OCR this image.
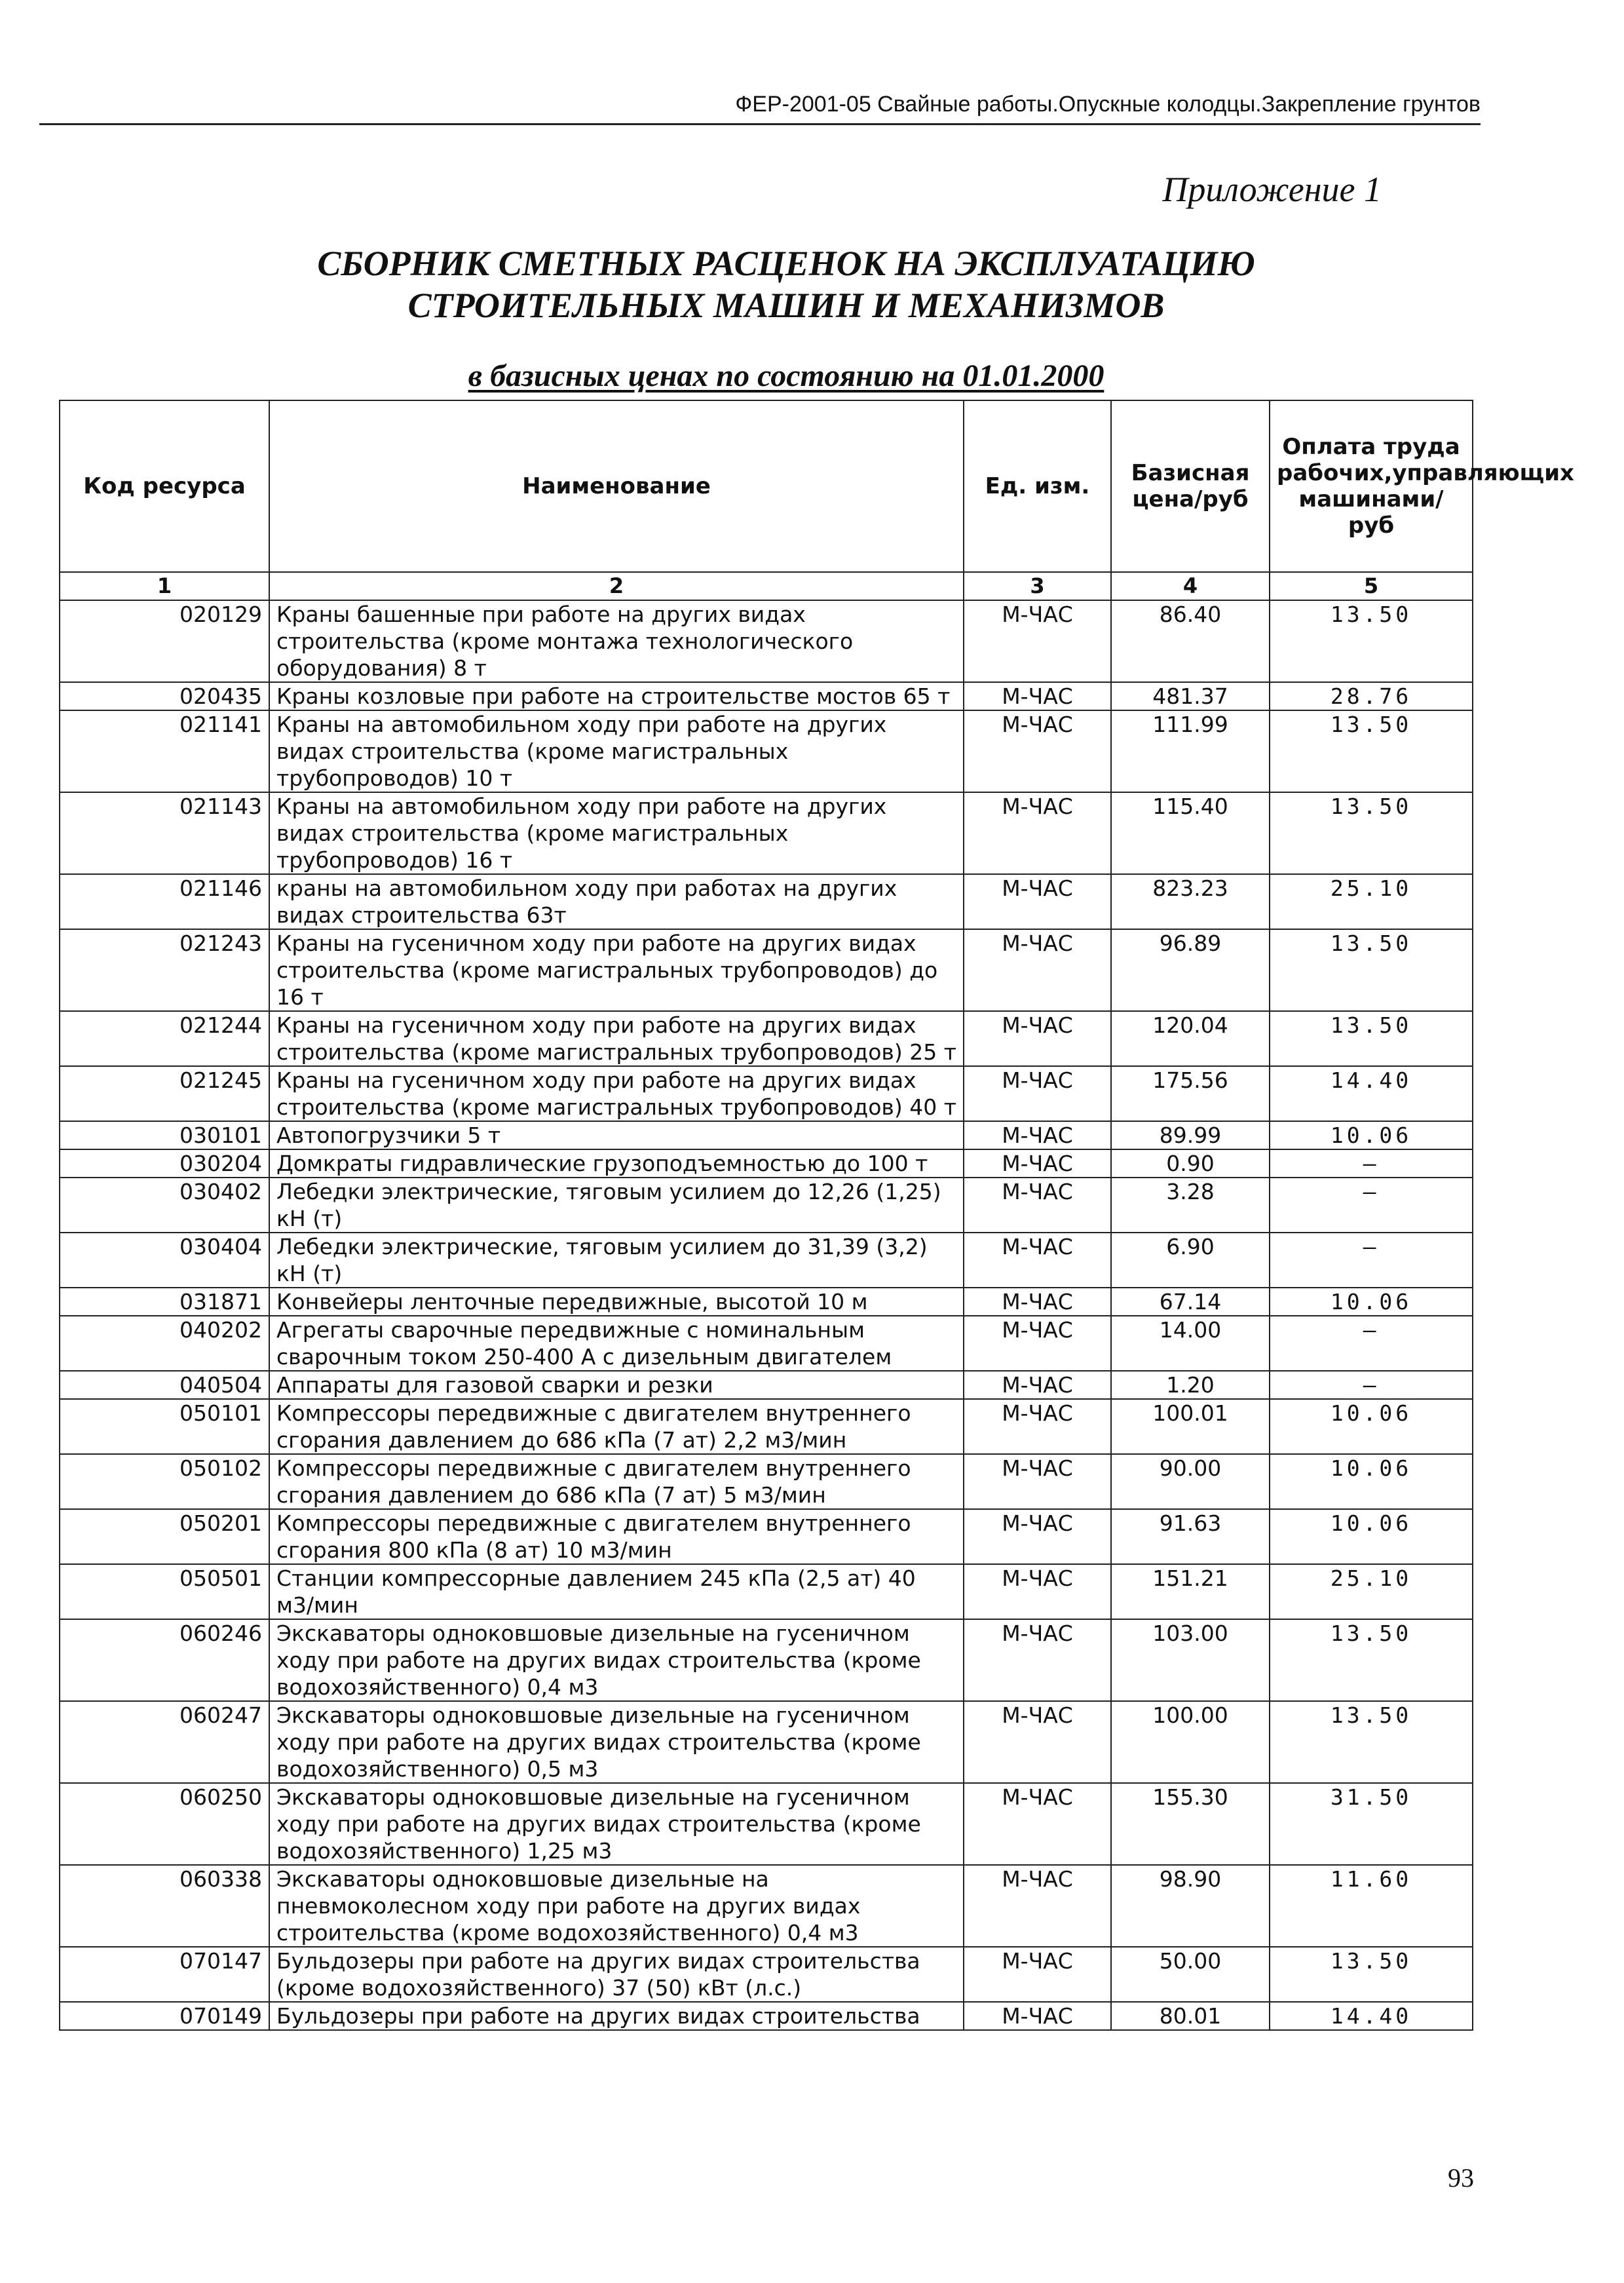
ФЕР-2001-05 Свайные работы.Опускные колодцы.Закрепление грунтов
Приложение 1
СБОРНИК СМЕТНЫХ РАСЦЕНОК НА ЭКСПЛУАТАЦИЮ
СТРОИТЕЛЬНЫХ МАШИН И МЕХАНИЗМОВ
в базисных ценах по состоянию на 01.01.2000
Код ресурса	Наименование	Ед. изм.	Базисная цена/руб	Оплата труда рабочих,управляющих машинами/руб
1	2	3	4	5
020129	Краны башенные при работе на других видах строительства (кроме монтажа технологического оборудования) 8 т	М-ЧАС	86.40	13.50
020435	Краны козловые при работе на строительстве мостов 65 т	М-ЧАС	481.37	28.76
021141	Краны на автомобильном ходу при работе на других видах строительства (кроме магистральных трубопроводов) 10 т	М-ЧАС	111.99	13.50
021143	Краны на автомобильном ходу при работе на других видах строительства (кроме магистральных трубопроводов) 16 т	М-ЧАС	115.40	13.50
021146	краны на автомобильном ходу при работах на других видах строительства 63т	М-ЧАС	823.23	25.10
021243	Краны на гусеничном ходу при работе на других видах строительства (кроме магистральных трубопроводов) до 16 т	М-ЧАС	96.89	13.50
021244	Краны на гусеничном ходу при работе на других видах строительства (кроме магистральных трубопроводов) 25 т	М-ЧАС	120.04	13.50
021245	Краны на гусеничном ходу при работе на других видах строительства (кроме магистральных трубопроводов) 40 т	М-ЧАС	175.56	14.40
030101	Автопогрузчики 5 т	М-ЧАС	89.99	10.06
030204	Домкраты гидравлические грузоподъемностью до 100 т	М-ЧАС	0.90	—
030402	Лебедки электрические, тяговым усилием до 12,26 (1,25) кН (т)	М-ЧАС	3.28	—
030404	Лебедки электрические, тяговым усилием до 31,39 (3,2) кН (т)	М-ЧАС	6.90	—
031871	Конвейеры ленточные передвижные, высотой 10 м	М-ЧАС	67.14	10.06
040202	Агрегаты сварочные передвижные с номинальным сварочным током 250-400 А с дизельным двигателем	М-ЧАС	14.00	—
040504	Аппараты для газовой сварки и резки	М-ЧАС	1.20	—
050101	Компрессоры передвижные с двигателем внутреннего сгорания давлением до 686 кПа (7 ат) 2,2 м3/мин	М-ЧАС	100.01	10.06
050102	Компрессоры передвижные с двигателем внутреннего сгорания давлением до 686 кПа (7 ат) 5 м3/мин	М-ЧАС	90.00	10.06
050201	Компрессоры передвижные с двигателем внутреннего сгорания 800 кПа (8 ат) 10 м3/мин	М-ЧАС	91.63	10.06
050501	Станции компрессорные давлением 245 кПа (2,5 ат) 40 м3/мин	М-ЧАС	151.21	25.10
060246	Экскаваторы одноковшовые дизельные на гусеничном ходу при работе на других видах строительства (кроме водохозяйственного) 0,4 м3	М-ЧАС	103.00	13.50
060247	Экскаваторы одноковшовые дизельные на гусеничном ходу при работе на других видах строительства (кроме водохозяйственного) 0,5 м3	М-ЧАС	100.00	13.50
060250	Экскаваторы одноковшовые дизельные на гусеничном ходу при работе на других видах строительства (кроме водохозяйственного) 1,25 м3	М-ЧАС	155.30	31.50
060338	Экскаваторы одноковшовые дизельные на пневмоколесном ходу при работе на других видах строительства (кроме водохозяйственного) 0,4 м3	М-ЧАС	98.90	11.60
070147	Бульдозеры при работе на других видах строительства (кроме водохозяйственного) 37 (50) кВт (л.с.)	М-ЧАС	50.00	13.50
070149	Бульдозеры при работе на других видах строительства	М-ЧАС	80.01	14.40
93
